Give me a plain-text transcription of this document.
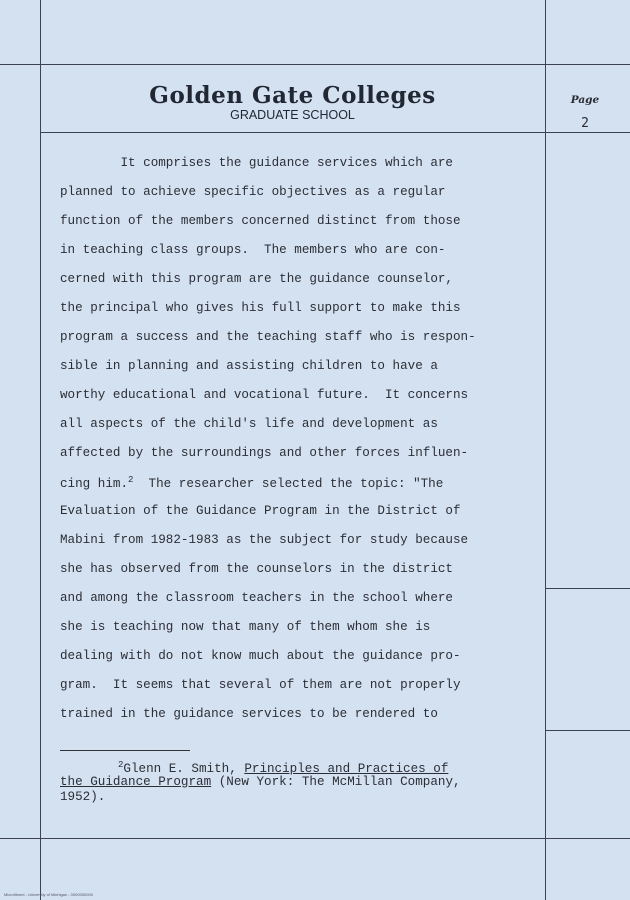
Golden Gate Colleges
GRADUATE SCHOOL
Page
2
It comprises the guidance services which are
planned to achieve specific objectives as a regular
function of the members concerned distinct from those
in teaching class groups.  The members who are con-
cerned with this program are the guidance counselor,
the principal who gives his full support to make this
program a success and the teaching staff who is respon-
sible in planning and assisting children to have a
worthy educational and vocational future.  It concerns
all aspects of the child's life and development as
affected by the surroundings and other forces influen-
cing him.$^2$  The researcher selected the topic: "The
Evaluation of the Guidance Program in the District of
Mabini from 1982-1983 as the subject for study because
she has observed from the counselors in the district
and among the classroom teachers in the school where
she is teaching now that many of them whom she is
dealing with do not know much about the guidance pro-
gram.  It seems that several of them are not properly
trained in the guidance services to be rendered to
$^2$Glenn E. Smith, Principles and Practices of
the Guidance Program (New York: The McMillan Company,
1952).
Microfilmed - University of Michigan - 0000000000
